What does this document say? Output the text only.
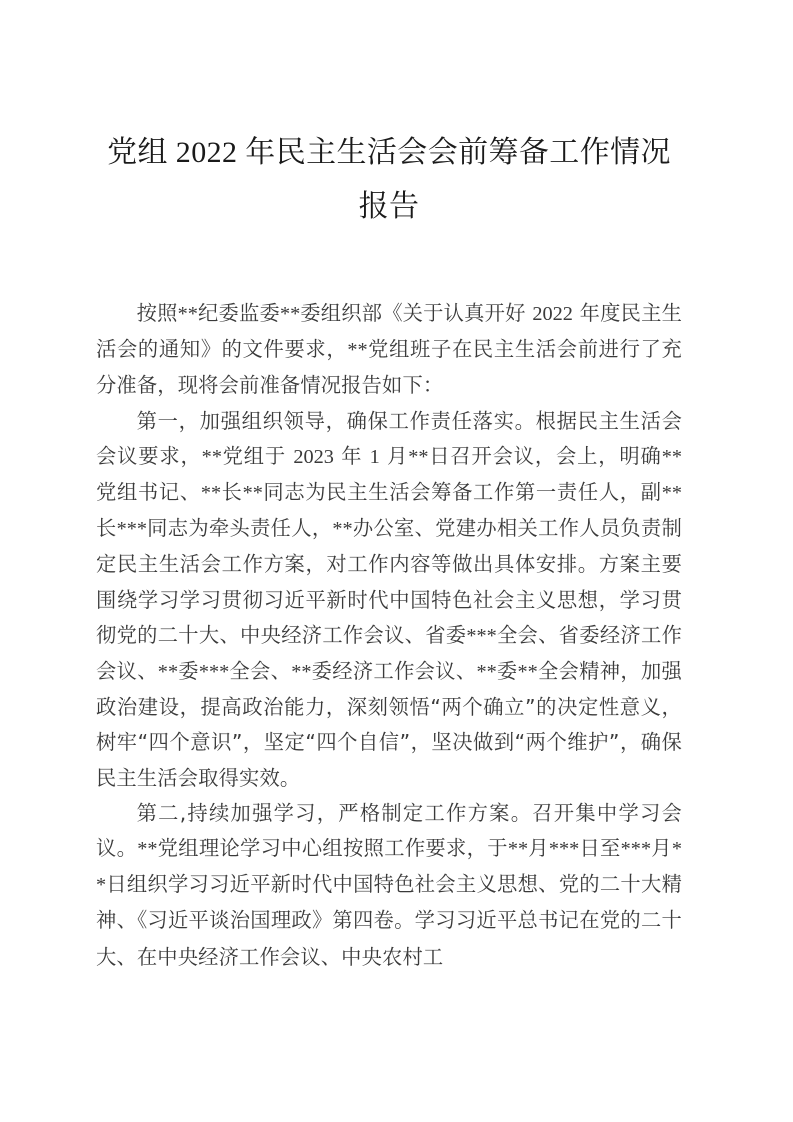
党组 2022 年民主生活会会前筹备工作情况
报告

按照**纪委监委**委组织部《关于认真开好 2022 年度民主生活会的通知》的文件要求，**党组班子在民主生活会前进行了充分准备，现将会前准备情况报告如下：

第一，加强组织领导，确保工作责任落实。根据民主生活会会议要求，**党组于 2023 年 1 月**日召开会议，会上，明确**党组书记、**长**同志为民主生活会筹备工作第一责任人，副**长***同志为牵头责任人，**办公室、党建办相关工作人员负责制定民主生活会工作方案，对工作内容等做出具体安排。方案主要围绕学习学习贯彻习近平新时代中国特色社会主义思想，学习贯彻党的二十大、中央经济工作会议、省委***全会、省委经济工作会议、**委***全会、**委经济工作会议、**委**全会精神，加强政治建设，提高政治能力，深刻领悟“两个确立”的决定性意义，树牢“四个意识”，坚定“四个自信”，坚决做到“两个维护”，确保民主生活会取得实效。

第二,持续加强学习，严格制定工作方案。召开集中学习会议。**党组理论学习中心组按照工作要求，于**月***日至***月**日组织学习习近平新时代中国特色社会主义思想、党的二十大精神、《习近平谈治国理政》第四卷。学习习近平总书记在党的二十大、在中央经济工作会议、中央农村工
